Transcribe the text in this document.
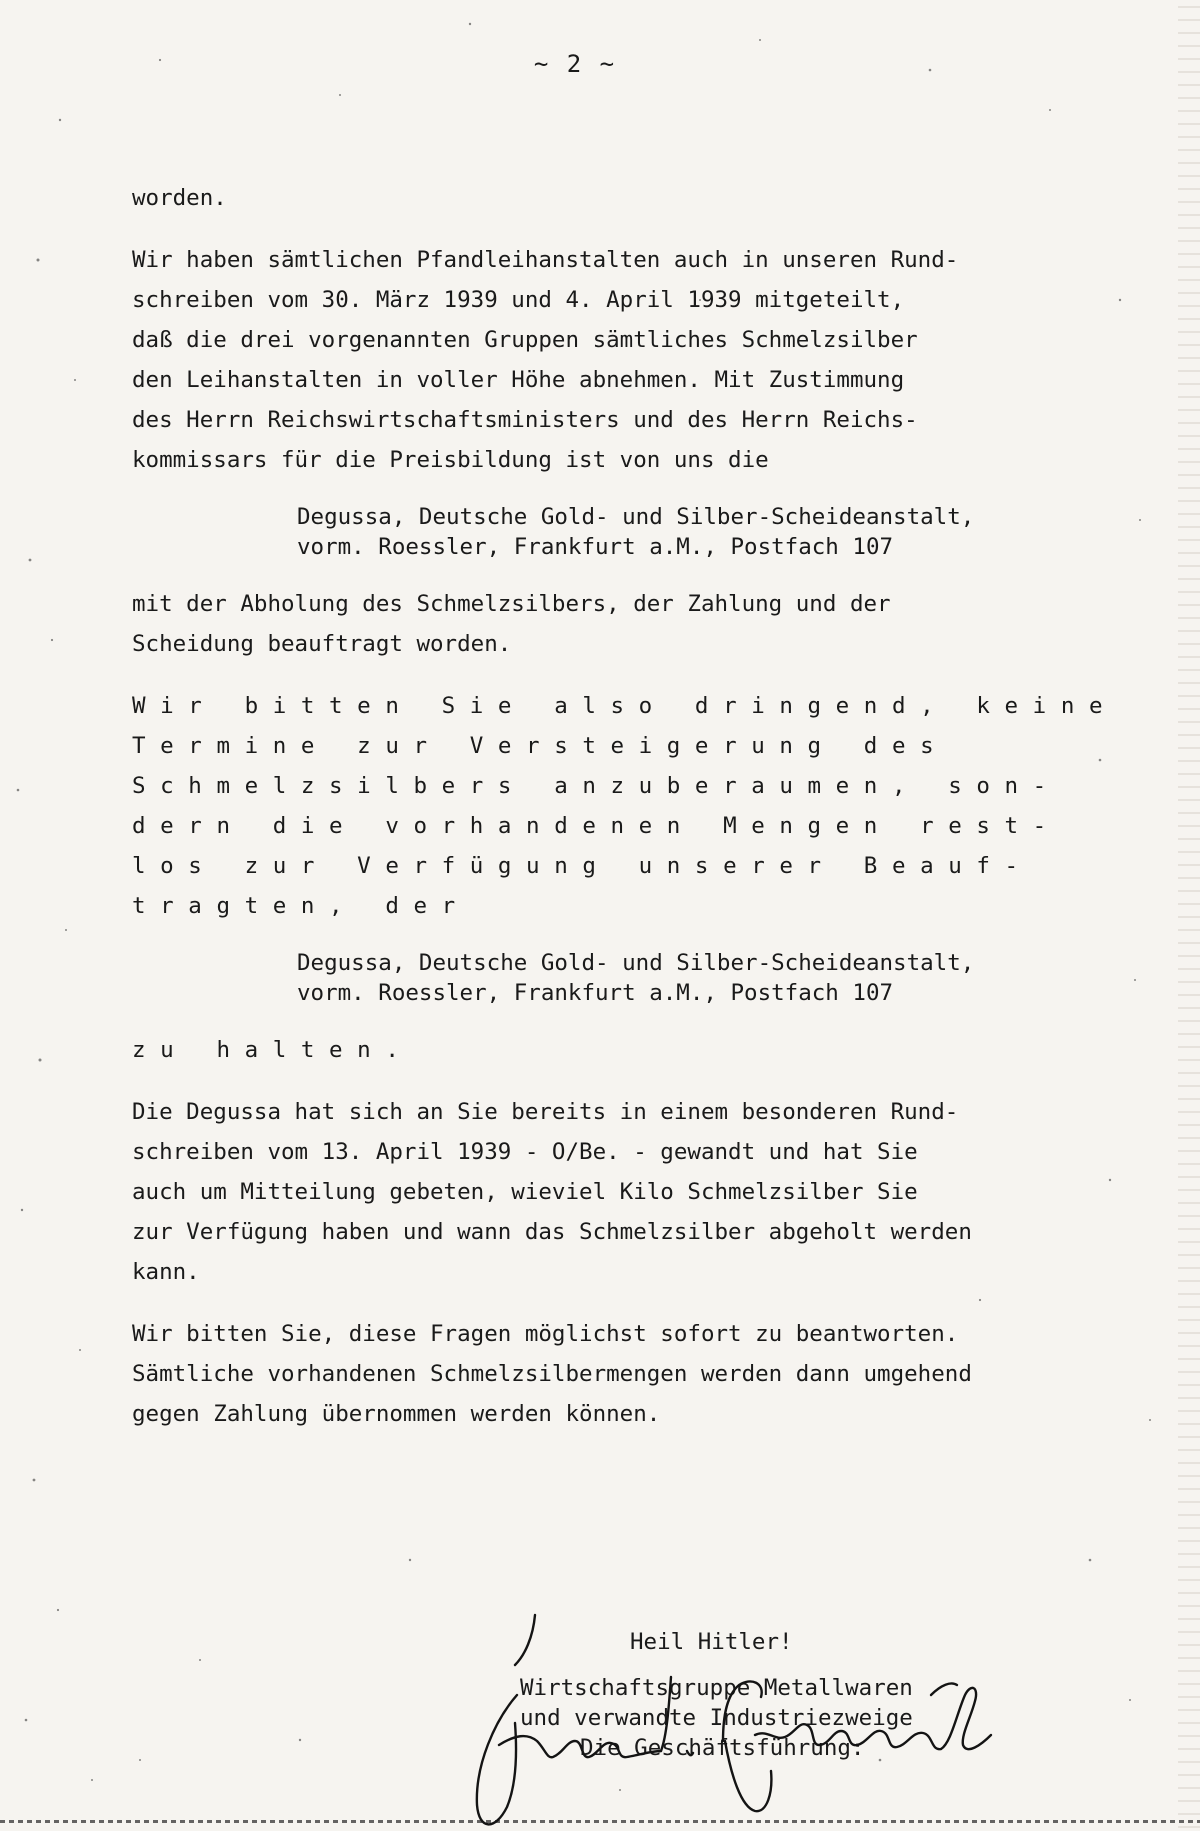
~ 2 ~
worden.
Wir haben sämtlichen Pfandleihanstalten auch in unseren Rund-
schreiben vom 30. März 1939 und 4. April 1939 mitgeteilt,
daß die drei vorgenannten Gruppen sämtliches Schmelzsilber
den Leihanstalten in voller Höhe abnehmen. Mit Zustimmung
des Herrn Reichswirtschaftsministers und des Herrn Reichs-
kommissars für die Preisbildung ist von uns die
Degussa, Deutsche Gold- und Silber-Scheideanstalt,
vorm. Roessler, Frankfurt a.M., Postfach 107
mit der Abholung des Schmelzsilbers, der Zahlung und der
Scheidung beauftragt worden.
Wir bitten Sie also dringend, keine
Termine zur Versteigerung des
Schmelzsilbers anzuberaumen, son-
dern die vorhandenen Mengen rest-
los zur Verfügung unserer Beauf-
tragten, der
Degussa, Deutsche Gold- und Silber-Scheideanstalt,
vorm. Roessler, Frankfurt a.M., Postfach 107
zu halten.
Die Degussa hat sich an Sie bereits in einem besonderen Rund-
schreiben vom 13. April 1939 - O/Be. - gewandt und hat Sie
auch um Mitteilung gebeten, wieviel Kilo Schmelzsilber Sie
zur Verfügung haben und wann das Schmelzsilber abgeholt werden
kann.
Wir bitten Sie, diese Fragen möglichst sofort zu beantworten.
Sämtliche vorhandenen Schmelzsilbermengen werden dann umgehend
gegen Zahlung übernommen werden können.
Heil Hitler!
Wirtschaftsgruppe Metallwaren
und verwandte Industriezweige
Die Geschäftsführung:
